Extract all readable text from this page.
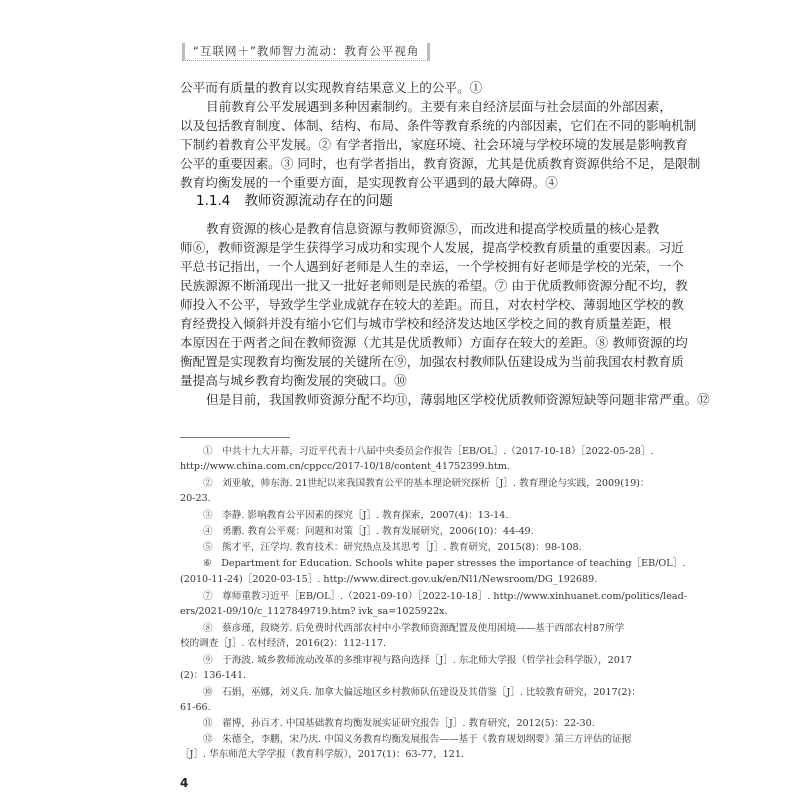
“互联网＋”教师智力流动：教育公平视角
公平而有质量的教育以实现教育结果意义上的公平。①
目前教育公平发展遇到多种因素制约。主要有来自经济层面与社会层面的外部因素，
以及包括教育制度、体制、结构、布局、条件等教育系统的内部因素，它们在不同的影响机制
下制约着教育公平发展。② 有学者指出，家庭环境、社会环境与学校环境的发展是影响教育
公平的重要因素。③ 同时，也有学者指出，教育资源，尤其是优质教育资源供给不足，是限制
教育均衡发展的一个重要方面，是实现教育公平遇到的最大障碍。④
1.1.4 教师资源流动存在的问题
教育资源的核心是教育信息资源与教师资源⑤，而改进和提高学校质量的核心是教
师⑥，教师资源是学生获得学习成功和实现个人发展，提高学校教育质量的重要因素。习近
平总书记指出，一个人遇到好老师是人生的幸运，一个学校拥有好老师是学校的光荣，一个
民族源源不断涌现出一批又一批好老师则是民族的希望。⑦ 由于优质教师资源分配不均，教
师投入不公平，导致学生学业成就存在较大的差距。而且，对农村学校、薄弱地区学校的教
育经费投入倾斜并没有缩小它们与城市学校和经济发达地区学校之间的教育质量差距，根
本原因在于两者之间在教师资源（尤其是优质教师）方面存在较大的差距。⑧ 教师资源的均
衡配置是实现教育均衡发展的关键所在⑨，加强农村教师队伍建设成为当前我国农村教育质
量提高与城乡教育均衡发展的突破口。⑩
但是目前，我国教师资源分配不均⑪，薄弱地区学校优质教师资源短缺等问题非常严重。⑫
①　中共十九大开幕，习近平代表十八届中央委员会作报告［EB/OL］.（2017-10-18）［2022-05-28］.
http://www.china.com.cn/cppcc/2017-10/18/content_41752399.htm.
②　刘亚敏，帅东海. 21世纪以来我国教育公平的基本理论研究探析［J］. 教育理论与实践，2009(19)：
20-23.
③　李静. 影响教育公平因素的探究［J］. 教育探索，2007(4)：13-14.
④　勇鹏. 教育公平观：问题和对策［J］. 教育发展研究，2006(10)：44-49.
⑤　熊才平，汪学均. 教育技术：研究热点及其思考［J］. 教育研究，2015(8)：98-108.
⑥　Department for Education. Schools white paper stresses the importance of teaching［EB/OL］.
(2010-11-24)［2020-03-15］. http://www.direct.gov.uk/en/Nl1/Newsroom/DG_192689.
⑦　尊师重教习近平［EB/OL］.（2021-09-10）［2022-10-18］. http://www.xinhuanet.com/politics/lead-
ers/2021-09/10/c_1127849719.htm? ivk_sa=1025922x.
⑧　蔡彦瑾，段晓芳. 后免费时代西部农村中小学教师资源配置及使用困境——基于西部农村87所学
校的调查［J］. 农村经济，2016(2)：112-117.
⑨　于海波. 城乡教师流动改革的多维审视与路向选择［J］. 东北师大学报（哲学社会科学版），2017
(2)：136-141.
⑩　石娟，巫娜，刘义兵. 加拿大偏远地区乡村教师队伍建设及其借鉴［J］. 比较教育研究，2017(2)：
61-66.
⑪　翟博，孙百才. 中国基础教育均衡发展实证研究报告［J］. 教育研究，2012(5)：22-30.
⑫　朱德全，李鹏，宋乃庆. 中国义务教育均衡发展报告——基于《教育规划纲要》第三方评估的证据
［J］. 华东师范大学学报（教育科学版），2017(1)：63-77，121.
4
